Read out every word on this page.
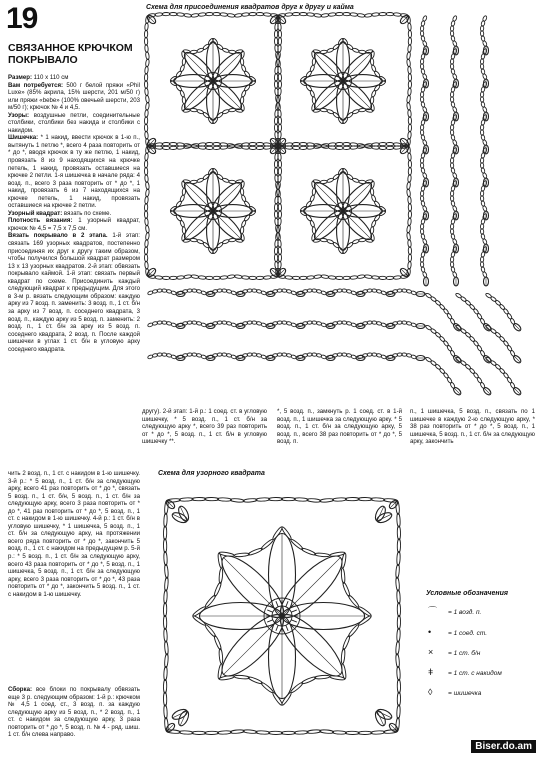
19
СВЯЗАННОЕ КРЮЧКОМ ПОКРЫВАЛО
Размер: 110 х 110 см
Вам потребуется: 500 г белой пряжи «Phil Luxe» (85% акрила, 15% шерсти, 201 м/50 г) или пряжи «bebe» (100% овечьей шерсти, 203 м/50 г); крючок № 4 и 4,5.
Узоры: воздушные петли, соединительные столбики, столбики без накида и столбики с накидом.
Шишечка: * 1 накид, ввести крючок в 1-ю п., вытянуть 1 петлю *, всего 4 раза повторить от * до *, вводя крючок в ту же петлю, 1 накид, провязать 8 из 9 находящихся на крючке петель, 1 накид, провязать оставшиеся на крючке 2 петли. 1-я шишечка в начале ряда: 4 возд. п., всего 3 раза повторить от * до *, 1 накид, провязать 6 из 7 находящихся на крючке петель, 1 накид, провязать оставшиеся на крючке 2 петли.
Узорный квадрат: вязать по схеме.
Плотность вязания: 1 узорный квадрат, крючок № 4,5 = 7,5 х 7,5 см.
Вязать покрывало в 2 этапа. 1-й этап: связать 169 узорных квадратов, постепенно присоединяя их друг к другу таким образом, чтобы получился большой квадрат размером 13 х 13 узорных квадратов. 2-й этап: обвязать покрывало каймой. 1-й этап: связать первый квадрат по схеме. Присоединить каждый следующий квадрат к предыдущим. Для этого в 3-м р. вязать следующим образом: каждую арку из 7 возд. п. заменить: 3 возд. п., 1 ст. б/н за арку из 7 возд. п. соседнего квадрата, 3 возд. п., каждую арку из 5 возд. п. заменить: 2 возд. п., 1 ст. б/н за арку из 5 возд. п. соседнего квадрата, 2 возд. п. После каждой шишечки в углах 1 ст. б/н в угловую арку соседнего квадрата.
Схема для присоединения квадратов друг к другу и кайма
другу). 2-й этап: 1-й р.: 1 соед. ст. в угловую шишечку, * 5 возд. п., 1 ст. б/н за следующую арку *, всего 39 раз повторить от * до *, 5 возд. п., 1 ст. б/н в угловую шишечку **.
*, 5 возд. п., замкнуть р. 1 соед. ст. в 1-й возд. п., 1 шишечка за следующую арку. * 5 возд. п., 1 ст. б/н за следующую арку, 5 возд. п., всего 38 раз повторить от * до *, 5 возд. п.
п., 1 шишечка, 5 возд. п., связать по 1 шишечке в каждую 2-ю следующую арку, * 38 раз повторить от * до *, 5 возд. п., 1 шишечка, 5 возд. п., 1 ст. б/н за следующую арку, закончить
чить 2 возд. п., 1 ст. с накидом в 1-ю шишечку. 3-й р.: * 5 возд. п., 1 ст. б/н за следующую арку, всего 41 раз повторить от * до *, связать 5 возд. п., 1 ст. б/н, 5 возд. п., 1 ст. б/н за следующую арку, всего 3 раза повторить от * до *, 41 раз повторить от * до *, 5 возд. п., 1 ст. с накидом в 1-ю шишечку. 4-й р.: 1 ст. б/н в угловую шишечку, * 1 шишечка, 5 возд. п., 1 ст. б/н за следующую арку, на протяжении всего ряда повторить от * до *, закончить 5 возд. п., 1 ст. с накидом на предыдущем р. 5-й р.: * 5 возд. п., 1 ст. б/н за следующую арку, всего 43 раза повторить от * до *, 5 возд. п., 1 шишечка, 5 возд. п., 1 ст. б/н за следующую арку, всего 3 раза повторить от * до *, 43 раза повторить от * до *, закончить 5 возд. п., 1 ст. с накидом в 1-ю шишечку.
Сборка: все блоки по покрывалу обвязать еще 3 р. следующим образом: 1-й р.: крючком № 4,5 1 соед. ст., 3 возд. п. за каждую следующую арку из 5 возд. п., * 2 возд. п., 1 ст. с накидом за следующую арку, 3 раза повторить от * до *, 5 возд. п. № 4 - ряд. шиш. 1 ст. б/н слева направо.
Схема для узорного квадрата
Условные обозначения
⌒ = 1 возд. п.
•	= 1 соед. ст.
× = 1 ст. б/н
ǂ = 1 ст. с накидом
◊ = шишечка
Biser.do.am
